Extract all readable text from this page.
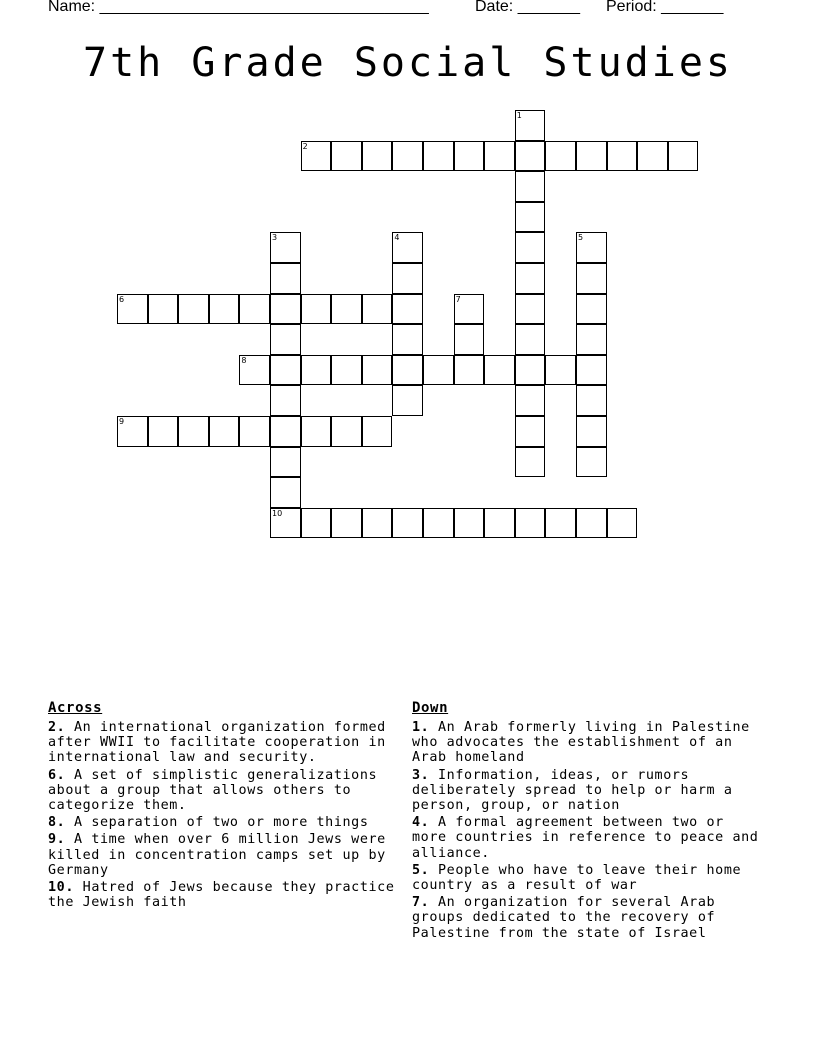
Name: _____________________________________	Date: _______ Period: _______
7th Grade Social Studies
1
2
3	4	5
6	7
8
9
10
Across
2. An international organization formed after WWII to facilitate cooperation in international law and security.
6. A set of simplistic generalizations about a group that allows others to categorize them.
8. A separation of two or more things
9. A time when over 6 million Jews were killed in concentration camps set up by Germany
10. Hatred of Jews because they practice the Jewish faith
Down
1. An Arab formerly living in Palestine who advocates the establishment of an Arab homeland
3. Information, ideas, or rumors deliberately spread to help or harm a person, group, or nation
4. A formal agreement between two or more countries in reference to peace and alliance.
5. People who have to leave their home country as a result of war
7. An organization for several Arab groups dedicated to the recovery of Palestine from the state of Israel
